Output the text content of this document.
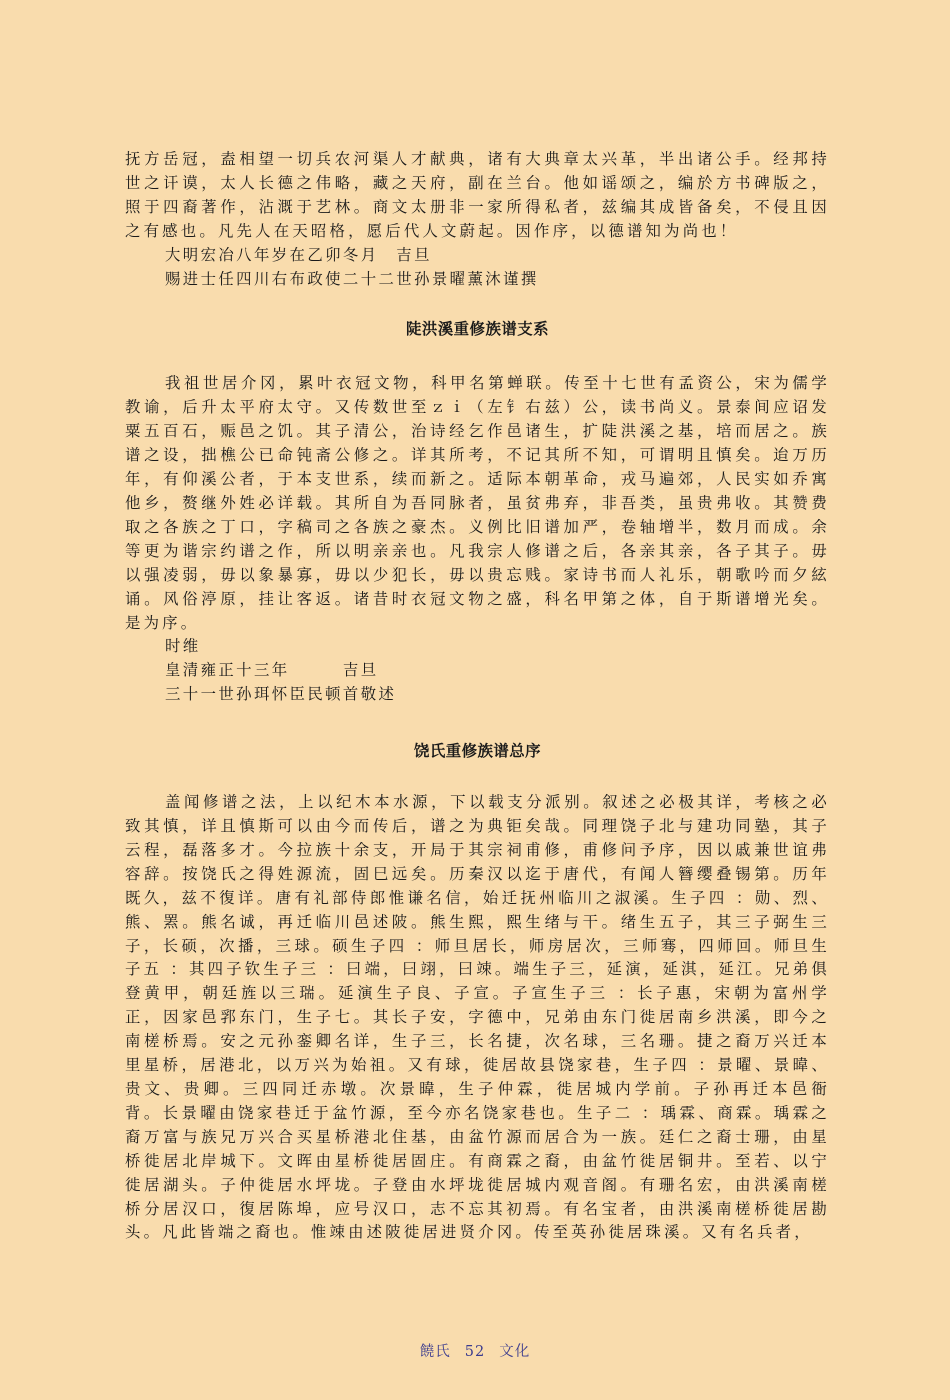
抚方岳冠，盍相望一切兵农河渠人才献典，诸有大典章太兴革，半出诸公手。经邦持世之讦谟，太人长德之伟略，藏之天府，副在兰台。他如谣颂之，编於方书碑版之，照于四裔著作，沾溉于艺林。商文太册非一家所得私者，兹编其成皆备矣，不侵且因之有感也。凡先人在天昭格，愿后代人文蔚起。因作序，以德谱知为尚也！

大明宏冶八年岁在乙卯冬月　吉旦

赐进士任四川右布政使二十二世孙景曜薰沐谨撰

陡洪溪重修族谱支系

我祖世居介冈，累叶衣冠文物，科甲名第蝉联。传至十七世有孟资公，宋为儒学教谕，后升太平府太守。又传数世至ｚｉ（左钅右兹）公，读书尚义。景泰间应诏发粟五百石，赈邑之饥。其子清公，治诗经乞作邑诸生，扩陡洪溪之基，培而居之。族谱之设，拙樵公已命钝斋公修之。详其所考，不记其所不知，可谓明且慎矣。迨万历年，有仰溪公者，于本支世系，续而新之。适际本朝革命，戎马遍郊，人民实如乔寓他乡，赘继外姓必详载。其所自为吾同脉者，虽贫弗弃，非吾类，虽贵弗收。其赞费取之各族之丁口，字稿司之各族之豪杰。义例比旧谱加严，卷轴增半，数月而成。余等更为谐宗约谱之作，所以明亲亲也。凡我宗人修谱之后，各亲其亲，各子其子。毋以强凌弱，毋以象暴寡，毋以少犯长，毋以贵忘贱。家诗书而人礼乐，朝歌吟而夕絃诵。风俗渟原，挂让客返。诸昔时衣冠文物之盛，科名甲第之体，自于斯谱增光矣。是为序。

时维

皇清雍正十三年　　　吉旦

三十一世孙珥怀臣民顿首敬述

饶氏重修族谱总序

盖闻修谱之法，上以纪木本水源，下以载支分派别。叙述之必极其详，考核之必致其慎，详且慎斯可以由今而传后，谱之为典钜矣哉。同理饶子北与建功同塾，其子云程，磊落多才。今拉族十余支，开局于其宗祠甫修，甫修问予序，因以戚兼世谊弗容辞。按饶氏之得姓源流，固巳远矣。历秦汉以迄于唐代，有闻人簪缨叠锡第。历年既久，兹不復详。唐有礼部侍郎惟谦名信，始迁抚州临川之淑溪。生子四 ：勋、烈、熊、罴。熊名诚，再迁临川邑述陂。熊生熙，熙生绪与干。绪生五子，其三子弼生三子，长硕，次播，三球。硕生子四 ：师旦居长，师房居次，三师骞，四师回。师旦生子五 ：其四子钦生子三 ：曰端，曰翊，曰竦。端生子三，延演，延淇，延江。兄弟俱登黄甲，朝廷旌以三瑞。延演生子良、子宣。子宣生子三 ：长子惠，宋朝为富州学正，因家邑郛东门，生子七。其长子安，字德中，兄弟由东门徙居南乡洪溪，即今之南槎桥焉。安之元孙銮卿名详，生子三，长名捷，次名球，三名珊。捷之裔万兴迁本里星桥，居港北，以万兴为始祖。又有球，徙居故县饶家巷，生子四 ：景曜、景暐、贵文、贵卿。三四同迁赤墩。次景暐，生子仲霖，徙居城内学前。子孙再迁本邑衙背。长景曜由饶家巷迁于盆竹源，至今亦名饶家巷也。生子二 ：瑀霖、商霖。瑀霖之裔万富与族兄万兴合买星桥港北住基，由盆竹源而居合为一族。廷仁之裔士珊，由星桥徙居北岸城下。文晖由星桥徙居固庄。有商霖之裔，由盆竹徙居铜井。至若、以宁徙居湖头。子仲徙居水坪垅。子登由水坪垅徙居城内观音阁。有珊名宏，由洪溪南槎桥分居汉口，復居陈埠，应号汉口，志不忘其初焉。有名宝者，由洪溪南槎桥徙居勘头。凡此皆端之裔也。惟竦由述陂徙居进贤介冈。传至英孙徙居珠溪。又有名兵者，

饒氏 52 文化
